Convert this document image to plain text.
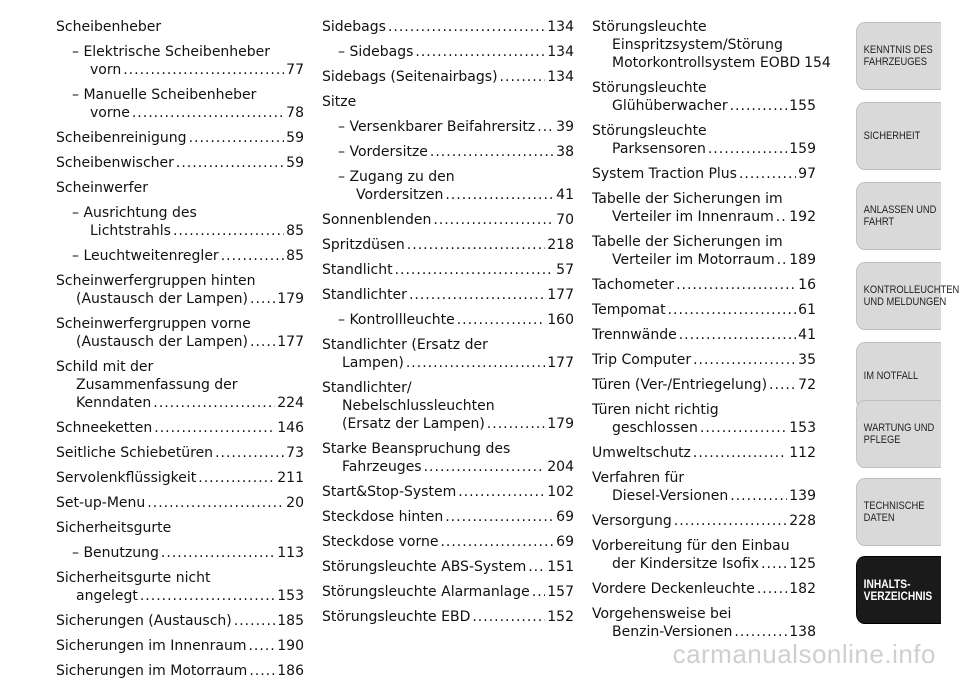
Scheibenheber
– Elektrische Scheibenheber
vorn .....	77
– Manuelle Scheibenheber
vorne .....	78
Scheibenreinigung .....	59
Scheibenwischer .....	59
Scheinwerfer
– Ausrichtung des
Lichtstrahls .....	85
– Leuchtweitenregler .....	85
Scheinwerfergruppen hinten
(Austausch der Lampen) ..... 179
Scheinwerfergruppen vorne
(Austausch der Lampen) ..... 177
Schild mit der
Zusammenfassung der
Kenndaten .....	224
Schneeketten .....	146
Seitliche Schiebetüren .....	73
Servolenkflüssigkeit .....	211
Set-up-Menu .....	20
Sicherheitsgurte
– Benutzung .....	113
Sicherheitsgurte nicht
angelegt .....	153
Sicherungen (Austausch) .....	185
Sicherungen im Innenraum ..... 190
Sicherungen im Motorraum ..... 186
Sidebags .....	134
– Sidebags .....	134
Sidebags (Seitenairbags) .....	134
Sitze
– Versenkbarer Beifahrersitz ..... 39
– Vordersitze .....	38
– Zugang zu den
Vordersitzen .....	41
Sonnenblenden .....	70
Spritzdüsen .....	218
Standlicht .....	57
Standlichter .....	177
– Kontrollleuchte .....	160
Standlichter (Ersatz der
Lampen) .....	177
Standlichter/
Nebelschlussleuchten
(Ersatz der Lampen) .....	179
Starke Beanspruchung des
Fahrzeuges .....	204
Start&Stop-System .....	102
Steckdose hinten .....	69
Steckdose vorne .....	69
Störungsleuchte ABS-System ..... 151
Störungsleuchte Alarmanlage ..... 157
Störungsleuchte EBD .....	152
Störungsleuchte
Einspritzsystem/Störung
Motorkontrollsystem EOBD 154
Störungsleuchte
Glühüberwacher .....	155
Störungsleuchte
Parksensoren .....	159
System Traction Plus .....	97
Tabelle der Sicherungen im
Verteiler im Innenraum ..... 192
Tabelle der Sicherungen im
Verteiler im Motorraum ..... 189
Tachometer .....	16
Tempomat .....	61
Trennwände .....	41
Trip Computer .....	35
Türen (Ver-/Entriegelung) ..... 72
Türen nicht richtig
geschlossen .....	153
Umweltschutz .....	112
Verfahren für
Diesel-Versionen .....	139
Versorgung .....	228
Vorbereitung für den Einbau
der Kindersitze Isofix ..... 125
Vordere Deckenleuchte ..... 182
Vorgehensweise bei
Benzin-Versionen .....	138
KENNTNIS DES
FAHRZEUGES
SICHERHEIT
ANLASSEN UND
FAHRT
KONTROLLEUCHTEN
UND MELDUNGEN
IM NOTFALL
WARTUNG UND
PFLEGE
TECHNISCHE
DATEN
INHALTS-
VERZEICHNIS
carmanualsonline.info
